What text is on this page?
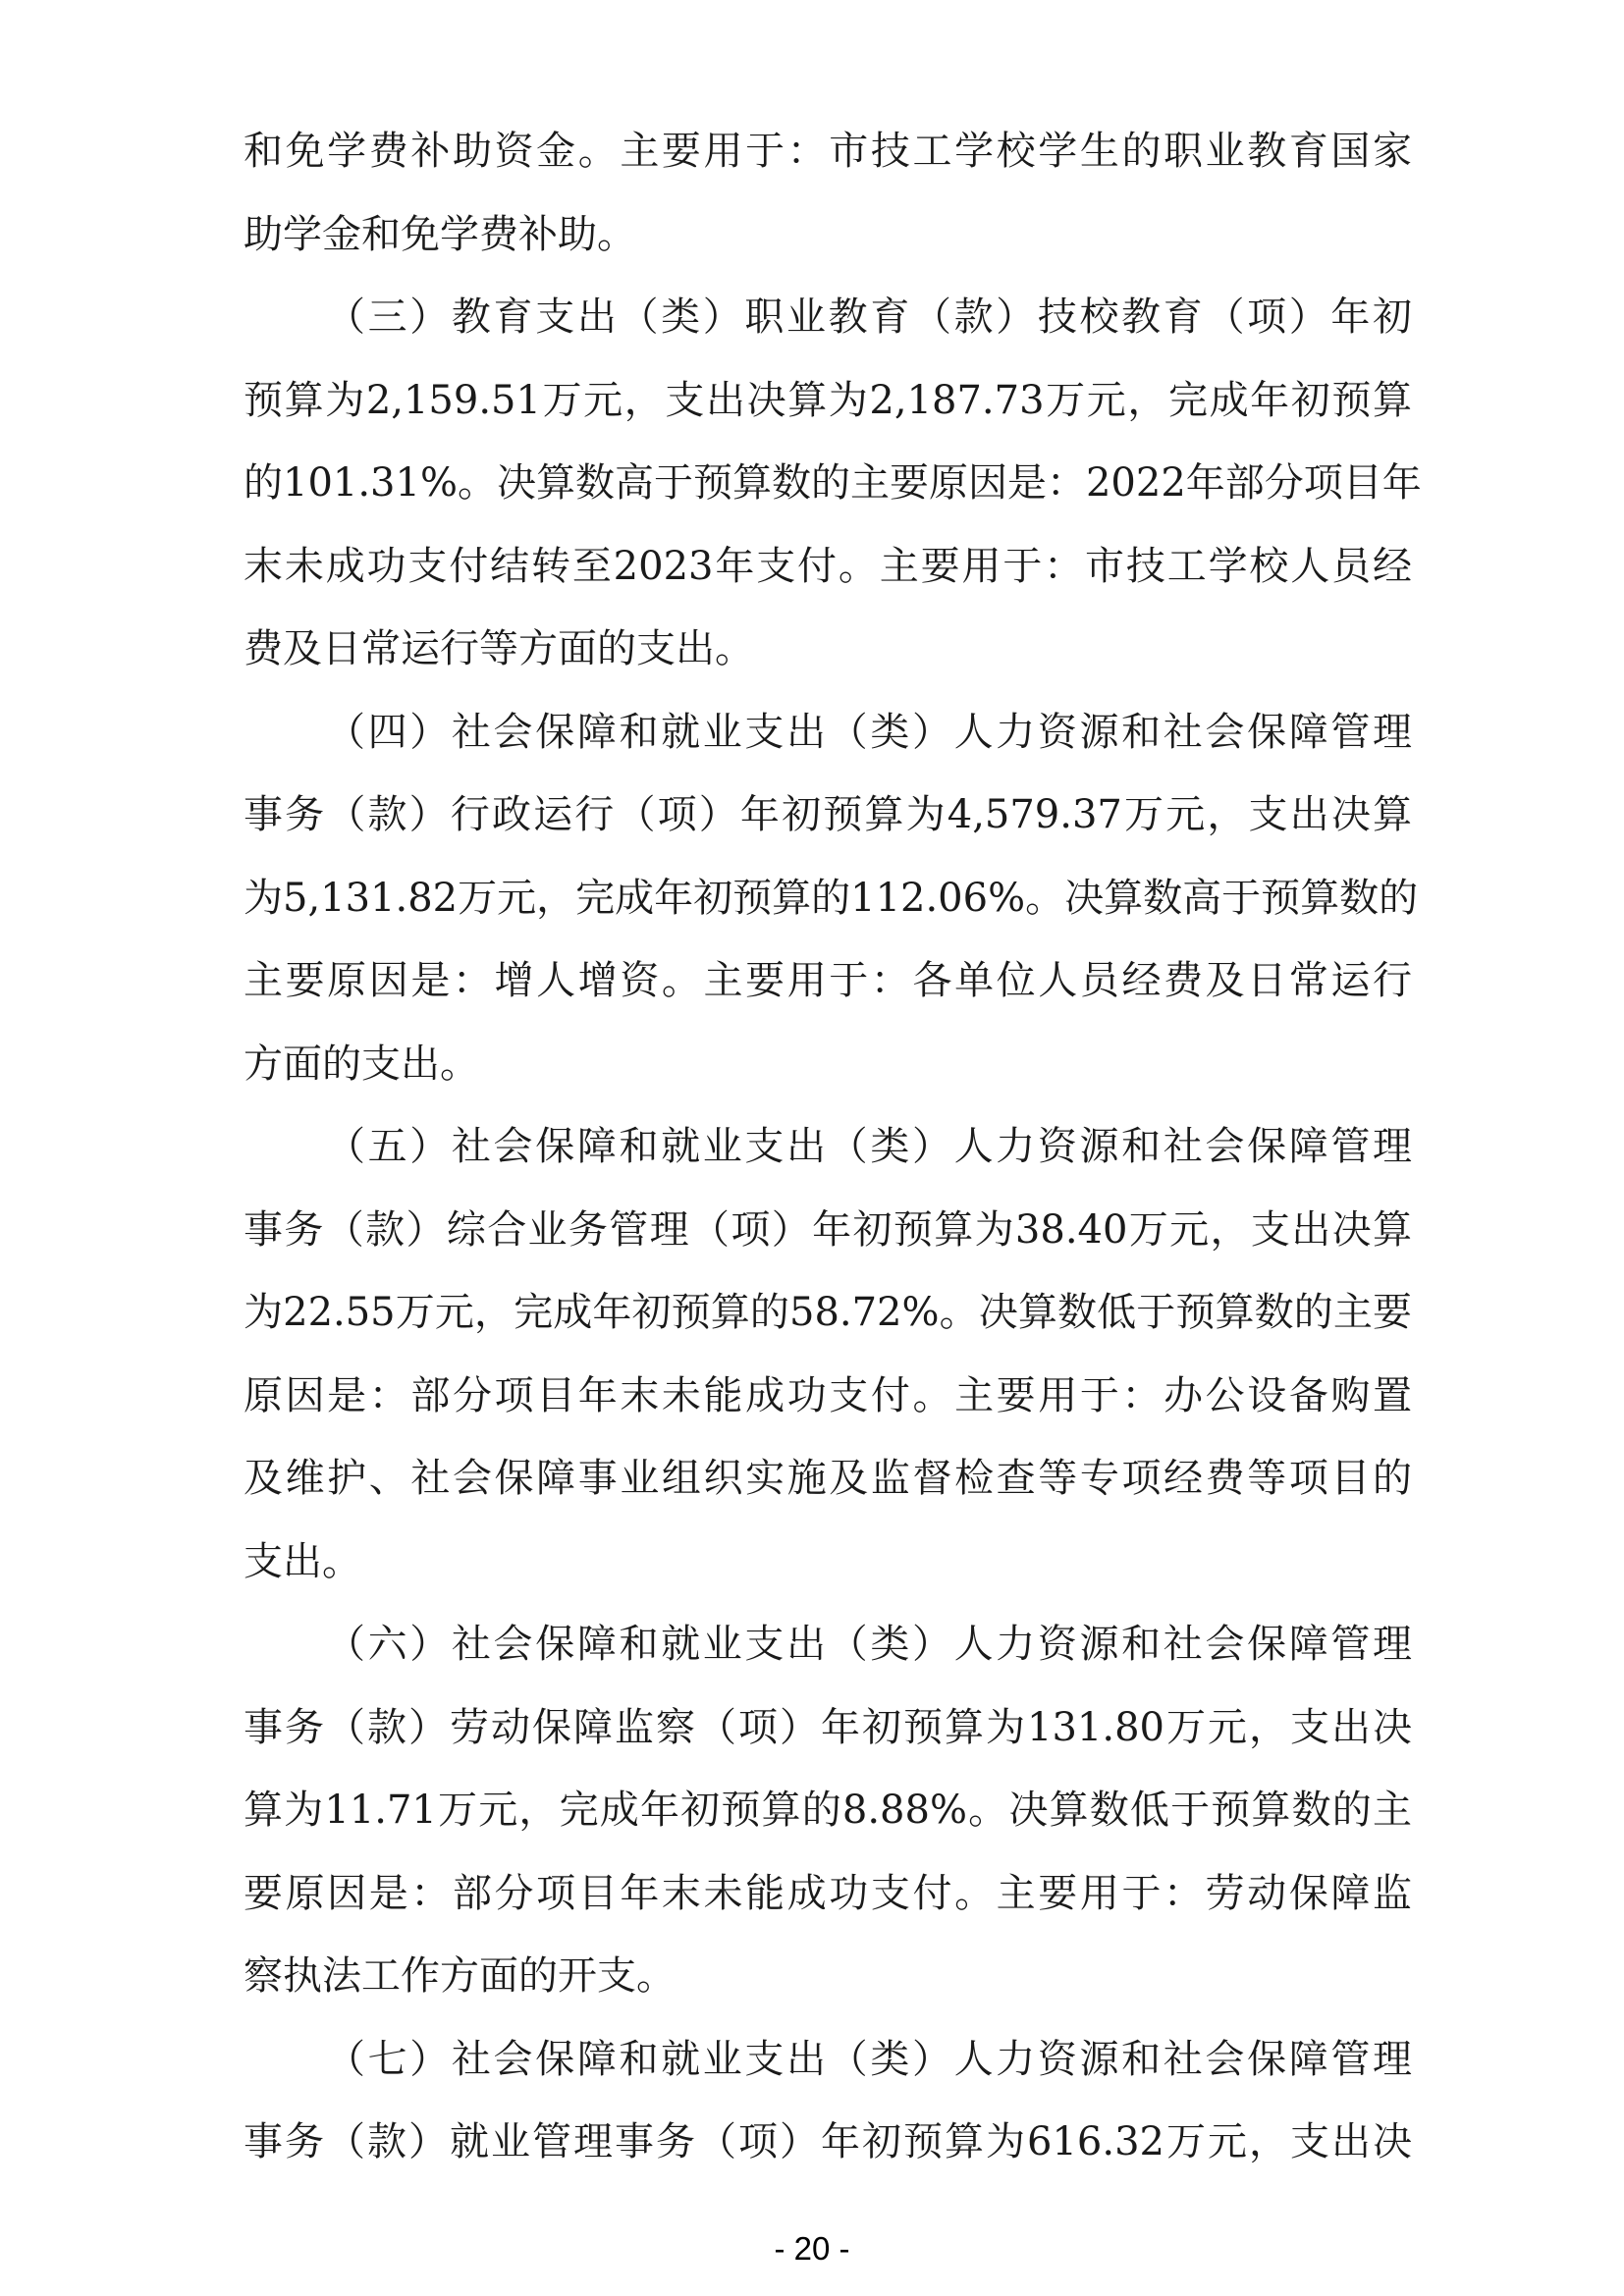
和免学费补助资金。主要用于：市技工学校学生的职业教育国家
助学金和免学费补助。
（三）教育支出（类）职业教育（款）技校教育（项）年初
预算为2,159.51万元，支出决算为2,187.73万元，完成年初预算
的101.31%。决算数高于预算数的主要原因是：2022年部分项目年
末未成功支付结转至2023年支付。主要用于：市技工学校人员经
费及日常运行等方面的支出。
（四）社会保障和就业支出（类）人力资源和社会保障管理
事务（款）行政运行（项）年初预算为4,579.37万元，支出决算
为5,131.82万元，完成年初预算的112.06%。决算数高于预算数的
主要原因是：增人增资。主要用于：各单位人员经费及日常运行
方面的支出。
（五）社会保障和就业支出（类）人力资源和社会保障管理
事务（款）综合业务管理（项）年初预算为38.40万元，支出决算
为22.55万元，完成年初预算的58.72%。决算数低于预算数的主要
原因是：部分项目年末未能成功支付。主要用于：办公设备购置
及维护、社会保障事业组织实施及监督检查等专项经费等项目的
支出。
（六）社会保障和就业支出（类）人力资源和社会保障管理
事务（款）劳动保障监察（项）年初预算为131.80万元，支出决
算为11.71万元，完成年初预算的8.88%。决算数低于预算数的主
要原因是：部分项目年末未能成功支付。主要用于：劳动保障监
察执法工作方面的开支。
（七）社会保障和就业支出（类）人力资源和社会保障管理
事务（款）就业管理事务（项）年初预算为616.32万元，支出决
- 20 -
